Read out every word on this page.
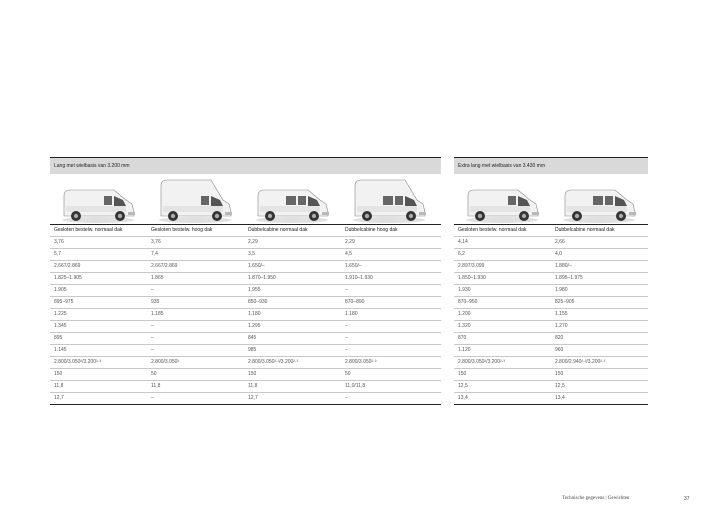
Lang met wielbasis van 3.200 mm
Gesloten bestelw. normaal dak	Gesloten bestelw. hoog dak	Dubbelcabine normaal dak	Dubbelcabine hoog dak
3,76	3,76	2,29	2,29
5,7	7,4	3,5	4,5
2.667/2.869	2.667/2.869	1.650/–	1.650/–
1.825–1.905	1.865	1.870–1.950	1.910–1.930
1.905	–	1.955	–
895–975	935	850–930	870–890
1.225	1.185	1.180	1.180
1.345	–	1.295	–
895	–	845	–
1.145	–	985	–
2.800/3.050²/3.200²·³	2.800/3.050²	2.800/3.050²·³/3.200²·³	2.800/3.050²·³
150	50	150	50
11,8	11,8	11,8	11,0/11,8
12,7	–	12,7	–
Extra lang met wielbasis van 3.430 mm
Gesloten bestelw. normaal dak	Dubbelcabine normaal dak
4,14	2,66
6,2	4,0
2.897/3.099	1.880/–
1.850–1.930	1.895–1.975
1.930	1.980
870–950	825–905
1.200	1.155
1.320	1.270
870	820
1.120	960
2.800/3.050²/3.200²·³	2.800/2.940²·³/3.200²·³
150	150
12,5	12,5
13,4	13,4
Technische gegevens | Gewichten	37
